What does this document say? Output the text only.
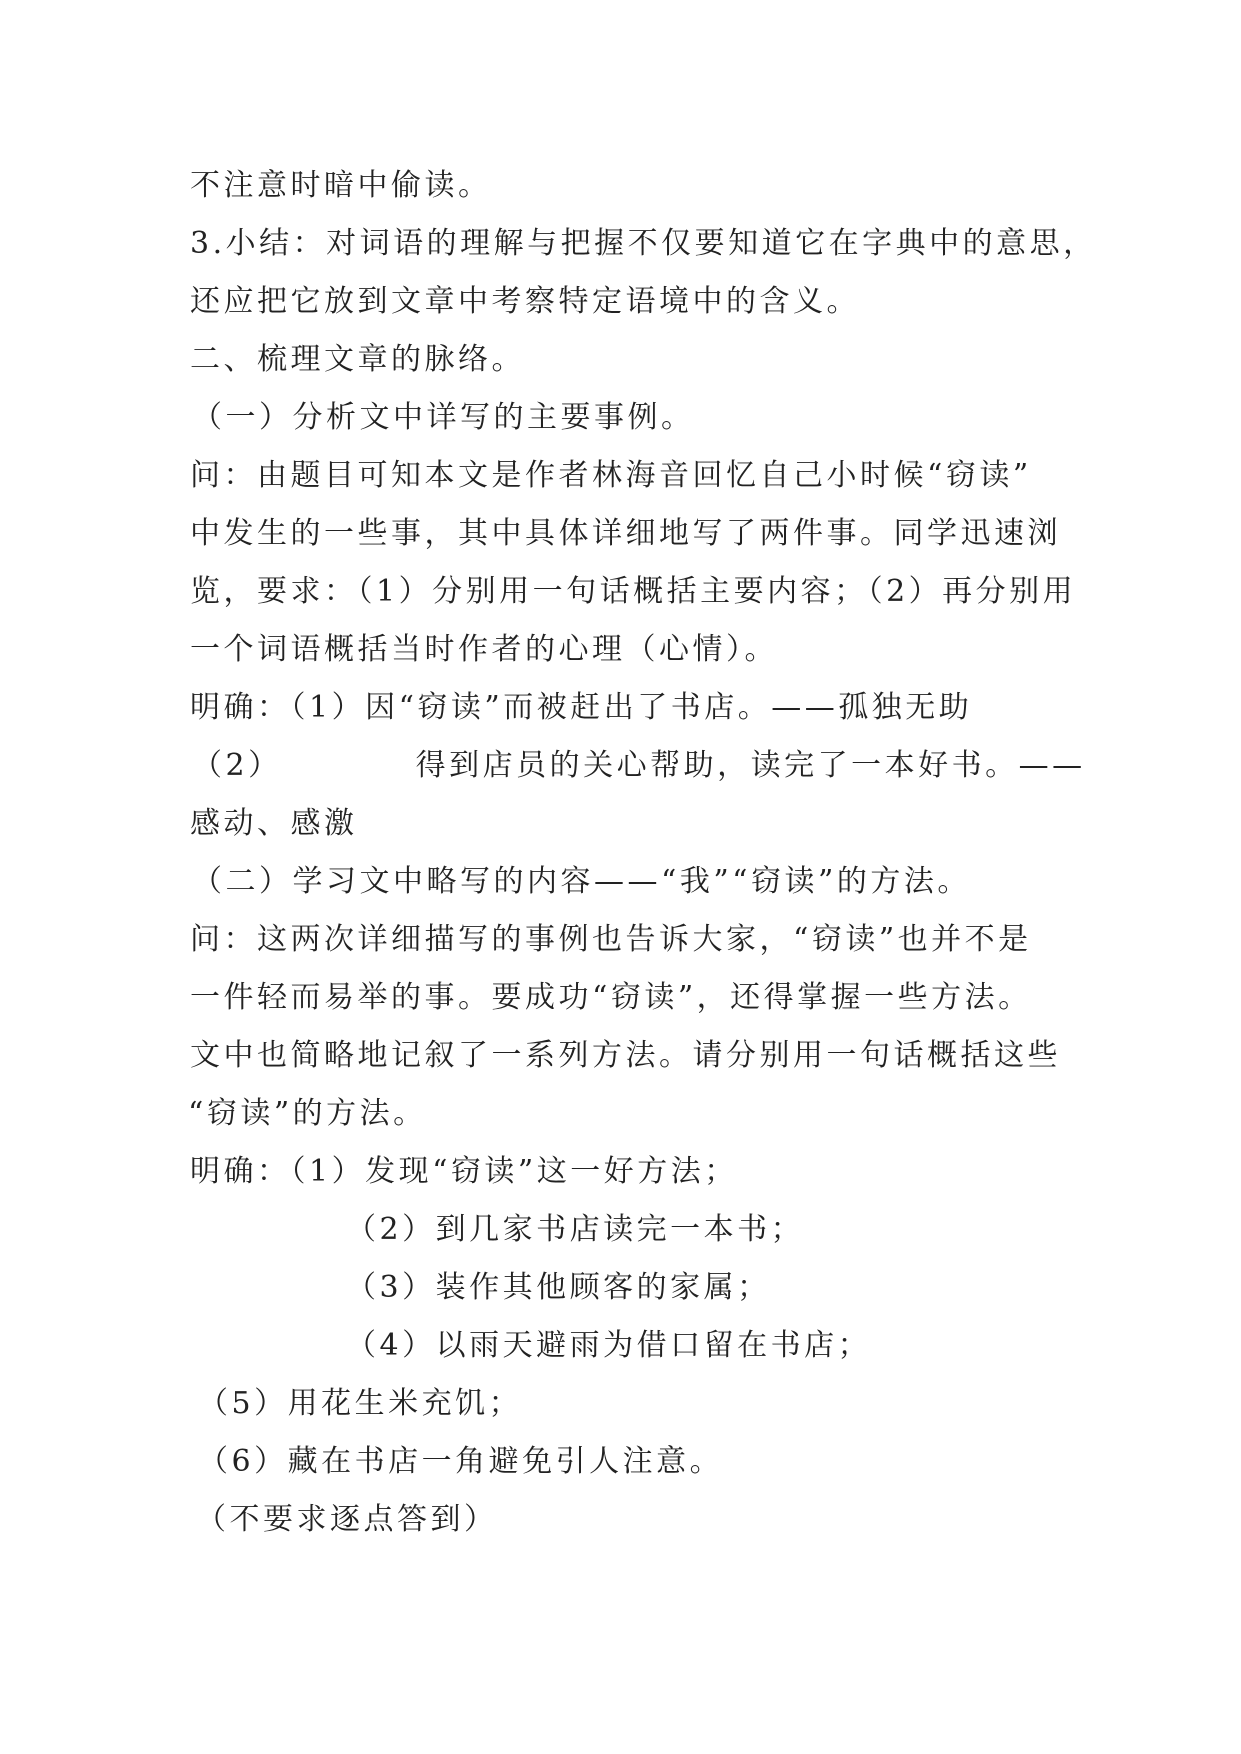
不注意时暗中偷读。
3.小结：对词语的理解与把握不仅要知道它在字典中的意思，
还应把它放到文章中考察特定语境中的含义。
二、梳理文章的脉络。
（一）分析文中详写的主要事例。
问：由题目可知本文是作者林海音回忆自己小时候“窃读”
中发生的一些事，其中具体详细地写了两件事。同学迅速浏
览，要求：（1）分别用一句话概括主要内容；（2）再分别用
一个词语概括当时作者的心理（心情）。
明确：（1）因“窃读”而被赶出了书店。——孤独无助
（2）	得到店员的关心帮助，读完了一本好书。——
感动、感激
（二）学习文中略写的内容——“我”“窃读”的方法。
问：这两次详细描写的事例也告诉大家，“窃读”也并不是
一件轻而易举的事。要成功“窃读”，还得掌握一些方法。
文中也简略地记叙了一系列方法。请分别用一句话概括这些
“窃读”的方法。
明确：（1）发现“窃读”这一好方法；
（2）到几家书店读完一本书；
（3）装作其他顾客的家属；
（4）以雨天避雨为借口留在书店；
（5）用花生米充饥；
（6）藏在书店一角避免引人注意。
（不要求逐点答到）
